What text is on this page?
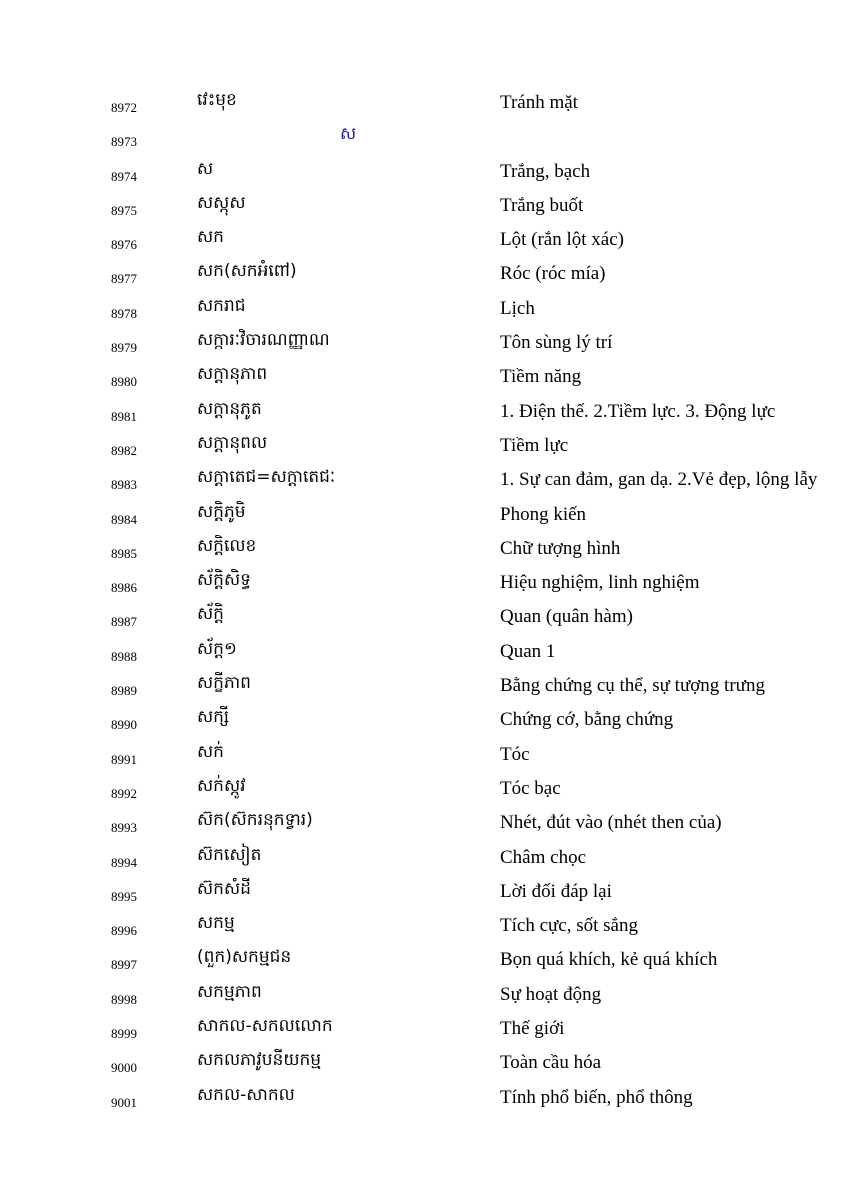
8972	វេះមុខ	Tránh mặt
8973	ស
8974	ស	Trắng, bạch
8975	សស្កុស	Trắng buốt
8976	សក	Lột (rắn lột xác)
8977	សក(សកអំពៅ)	Róc (róc mía)
8978	សករាជ	Lịch
8979	សក្ការៈវិចារណញ្ញាណ	Tôn sùng lý trí
8980	សក្តានុភាព	Tiềm năng
8981	សក្តានុភូត	1. Điện thế. 2.Tiềm lực. 3. Động lực
8982	សក្តានុពល	Tiềm lực
8983	សក្តាតេជ=សក្តាតេជៈ	1. Sự can đảm, gan dạ. 2.Vẻ đẹp, lộng lẫy
8984	សក្តិភូមិ	Phong kiến
8985	សក្តិលេខ	Chữ tượng hình
8986	ស័ក្តិសិទ្ធ	Hiệu nghiệm, linh nghiệm
8987	ស័ក្តិ	Quan (quân hàm)
8988	ស័ក្ត១	Quan 1
8989	សក្ខីភាព	Bằng chứng cụ thể, sự tượng trưng
8990	សក្សី	Chứng cớ, bằng chứng
8991	សក់	Tóc
8992	សក់ស្កូវ	Tóc bạc
8993	ស៊ក(ស៊ករនុកទ្វារ)	Nhét, đút vào (nhét then của)
8994	ស៊កសៀត	Châm chọc
8995	ស៊កសំដី	Lời đối đáp lại
8996	សកម្ម	Tích cực, sốt sắng
8997	(ពួក)សកម្មជន	Bọn quá khích, kẻ quá khích
8998	សកម្មភាព	Sự hoạt động
8999	សាកល-សកលលោក	Thế giới
9000	សកលភាវូបនីយកម្ម	Toàn cầu hóa
9001	សកល-សាកល	Tính phổ biến, phổ thông
